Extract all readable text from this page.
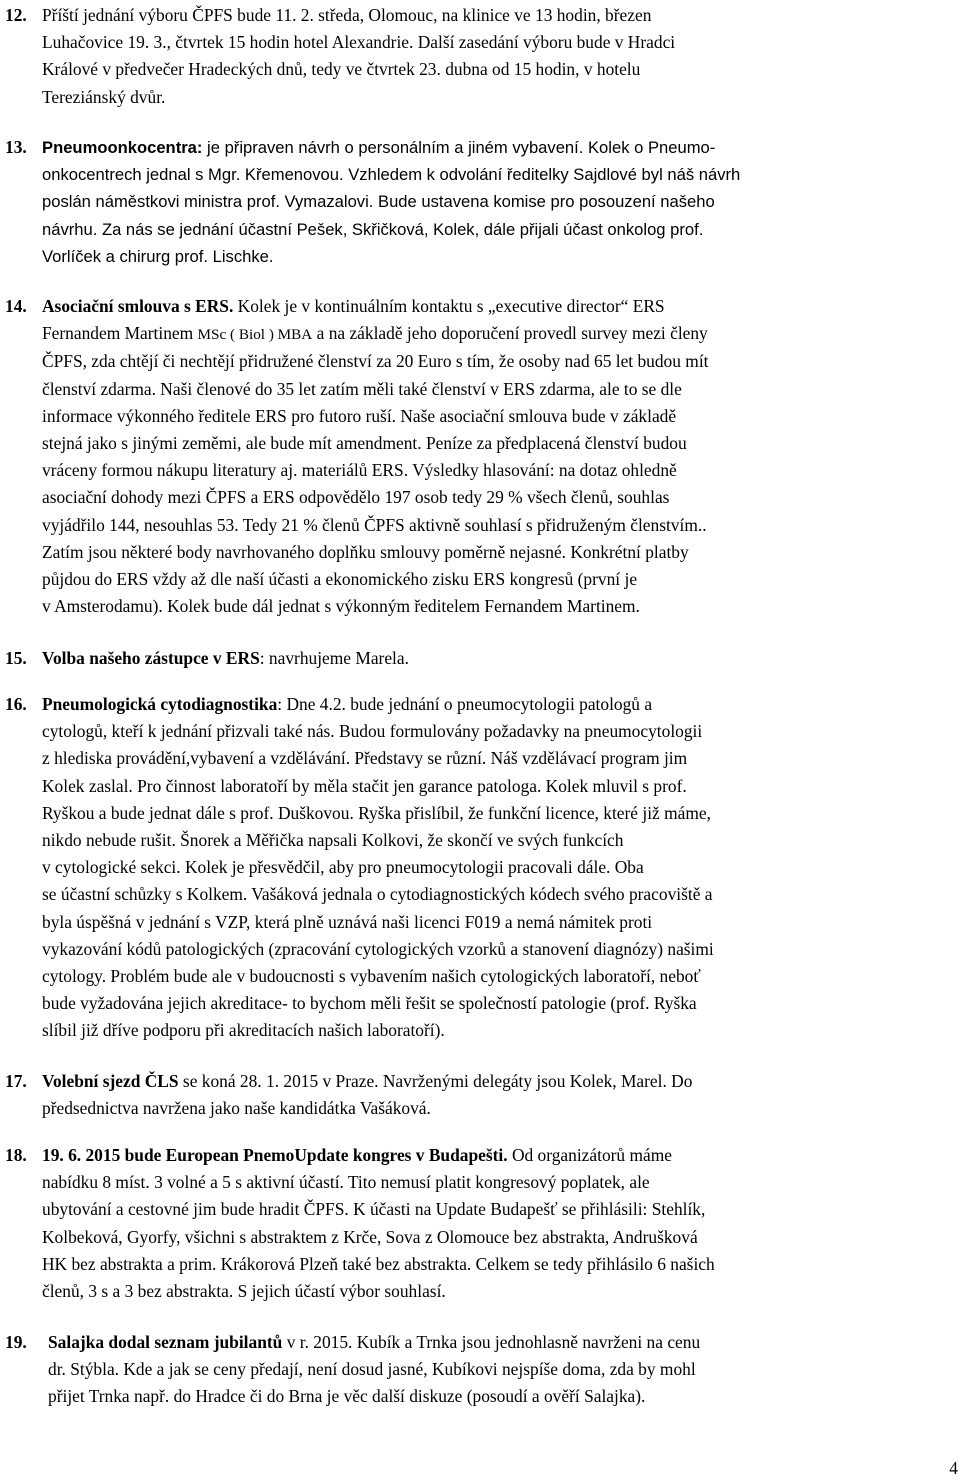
12. Příští jednání výboru ČPFS bude 11. 2. středa, Olomouc, na klinice ve 13 hodin, březen
Luhačovice 19. 3., čtvrtek 15 hodin hotel Alexandrie. Další zasedání výboru bude v Hradci
Králové v předvečer Hradeckých dnů, tedy ve čtvrtek 23. dubna od 15 hodin, v hotelu
Tereziánský dvůr.
13. Pneumoonkocentra: je připraven návrh o personálním a jiném vybavení. Kolek o Pneumo-
onkocentrech jednal s Mgr. Křemenovou. Vzhledem k odvolání ředitelky Sajdlové byl náš návrh
poslán náměstkovi ministra prof. Vymazalovi. Bude ustavena komise pro posouzení našeho
návrhu. Za nás se jednání účastní Pešek, Skřičková, Kolek, dále přijali účast onkolog prof.
Vorlíček a chirurg prof. Lischke.
14. Asociační smlouva s ERS. Kolek je v kontinuálním kontaktu s „executive director“ ERS
Fernandem Martinem MSc ( Biol ) MBA a na základě jeho doporučení provedl survey mezi členy
ČPFS, zda chtějí či nechtějí přidružené členství za 20 Euro s tím, že osoby nad 65 let budou mít
členství zdarma. Naši členové do 35 let zatím měli také členství v ERS zdarma, ale to se dle
informace výkonného ředitele ERS pro futoro ruší. Naše asociační smlouva bude v základě
stejná jako s jinými zeměmi, ale bude mít amendment. Peníze za předplacená členství budou
vráceny formou nákupu literatury aj. materiálů ERS. Výsledky hlasování: na dotaz ohledně
asociační dohody mezi ČPFS a ERS odpovědělo 197 osob tedy 29 % všech členů, souhlas
vyjádřilo 144, nesouhlas 53. Tedy 21 % členů ČPFS aktivně souhlasí s přidruženým členstvím..
Zatím jsou některé body navrhovaného doplňku smlouvy poměrně nejasné. Konkrétní platby
půjdou do ERS vždy až dle naší účasti a ekonomického zisku ERS kongresů (první je
v Amsterodamu). Kolek bude dál jednat s výkonným ředitelem Fernandem Martinem.
15. Volba našeho zástupce v ERS: navrhujeme Marela.
16. Pneumologická cytodiagnostika: Dne 4.2. bude jednání o pneumocytologii patologů a
cytologů, kteří k jednání přizvali také nás. Budou formulovány požadavky na pneumocytologii
z hlediska provádění,vybavení a vzdělávání. Představy se různí. Náš vzdělávací program jim
Kolek zaslal. Pro činnost laboratoří by měla stačit jen garance patologa. Kolek mluvil s prof.
Ryškou a bude jednat dále s prof. Duškovou. Ryška přislíbil, že funkční licence, které již máme,
nikdo nebude rušit. Šnorek a Měřička napsali Kolkovi, že skončí ve svých funkcích
v cytologické sekci. Kolek je přesvědčil, aby pro pneumocytologii pracovali dále. Oba
se účastní schůzky s Kolkem. Vašáková jednala o cytodiagnostických kódech svého pracoviště a
byla úspěšná v jednání s VZP, která plně uznává naši licenci F019 a nemá námitek proti
vykazování kódů patologických (zpracování cytologických vzorků a stanovení diagnózy) našimi
cytology. Problém bude ale v budoucnosti s vybavením našich cytologických laboratoří, neboť
bude vyžadována jejich akreditace- to bychom měli řešit se společností patologie (prof. Ryška
slíbil již dříve podporu při akreditacích našich laboratoří).
17. Volební sjezd ČLS se koná 28. 1. 2015 v Praze. Navrženými delegáty jsou Kolek, Marel. Do
předsednictva navržena jako naše kandidátka Vašáková.
18. 19. 6. 2015 bude European PnemoUpdate kongres v Budapešti. Od organizátorů máme
nabídku 8 míst. 3 volné a 5 s aktivní účastí. Tito nemusí platit kongresový poplatek, ale
ubytování a cestovné jim bude hradit ČPFS. K účasti na Update Budapešť se přihlásili: Stehlík,
Kolbeková, Gyorfy, všichni s abstraktem z Krče, Sova z Olomouce bez abstrakta, Andrušková
HK bez abstrakta a prim. Krákorová Plzeň také bez abstrakta. Celkem se tedy přihlásilo 6 našich
členů, 3 s a 3 bez abstrakta. S jejich účastí výbor souhlasí.
19. Salajka dodal seznam jubilantů v r. 2015. Kubík a Trnka jsou jednohlasně navrženi na cenu
dr. Stýbla. Kde a jak se ceny předají, není dosud jasné, Kubíkovi nejspíše doma, zda by mohl
přijet Trnka např. do Hradce či do Brna je věc další diskuze (posoudí a ověří Salajka).
4
